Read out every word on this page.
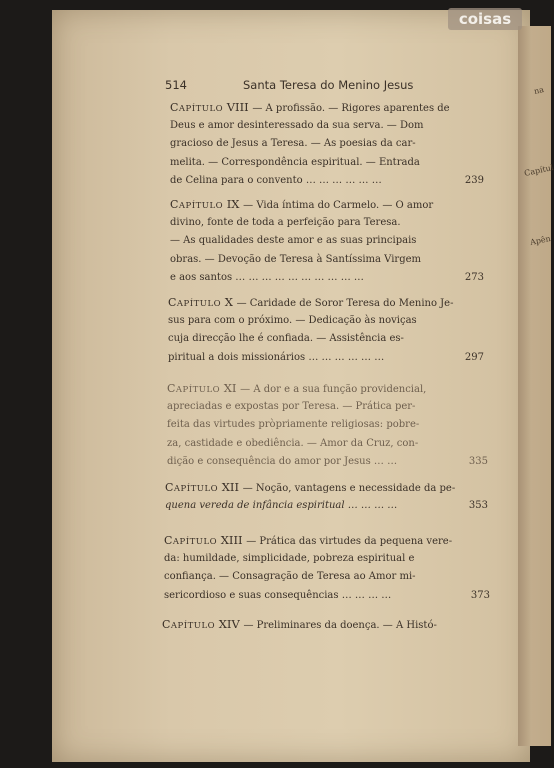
na
Capítul
Apên
coisas
514	Santa Teresa do Menino Jesus
CAPÍTULO VIII — A profissão. — Rigores aparentes de
Deus e amor desinteressado da sua serva. — Dom
gracioso de Jesus a Teresa. — As poesias da car-
melita. — Correspondência espiritual. — Entrada
de Celina para o convento … … … … … …	239
CAPÍTULO IX — Vida íntima do Carmelo. — O amor
divino, fonte de toda a perfeição para Teresa.
— As qualidades deste amor e as suas principais
obras. — Devoção de Teresa à Santíssima Virgem
e aos santos … … … … … … … … … …	273
CAPÍTULO X — Caridade de Soror Teresa do Menino Je-
sus para com o próximo. — Dedicação às noviças
cuja direcção lhe é confiada. — Assistência es-
piritual a dois missionários … … … … … …	297
CAPÍTULO XI — A dor e a sua função providencial,
apreciadas e expostas por Teresa. — Prática per-
feita das virtudes pròpriamente religiosas: pobre-
za, castidade e obediência. — Amor da Cruz, con-
dição e consequência do amor por Jesus … …	335
CAPÍTULO XII — Noção, vantagens e necessidade da pe-
quena vereda de infância espiritual … … … …	353
CAPÍTULO XIII — Prática das virtudes da pequena vere-
da: humildade, simplicidade, pobreza espiritual e
confiança. — Consagração de Teresa ao Amor mi-
sericordioso e suas consequências … … … …	373
CAPÍTULO XIV — Preliminares da doença. — A Histó-
